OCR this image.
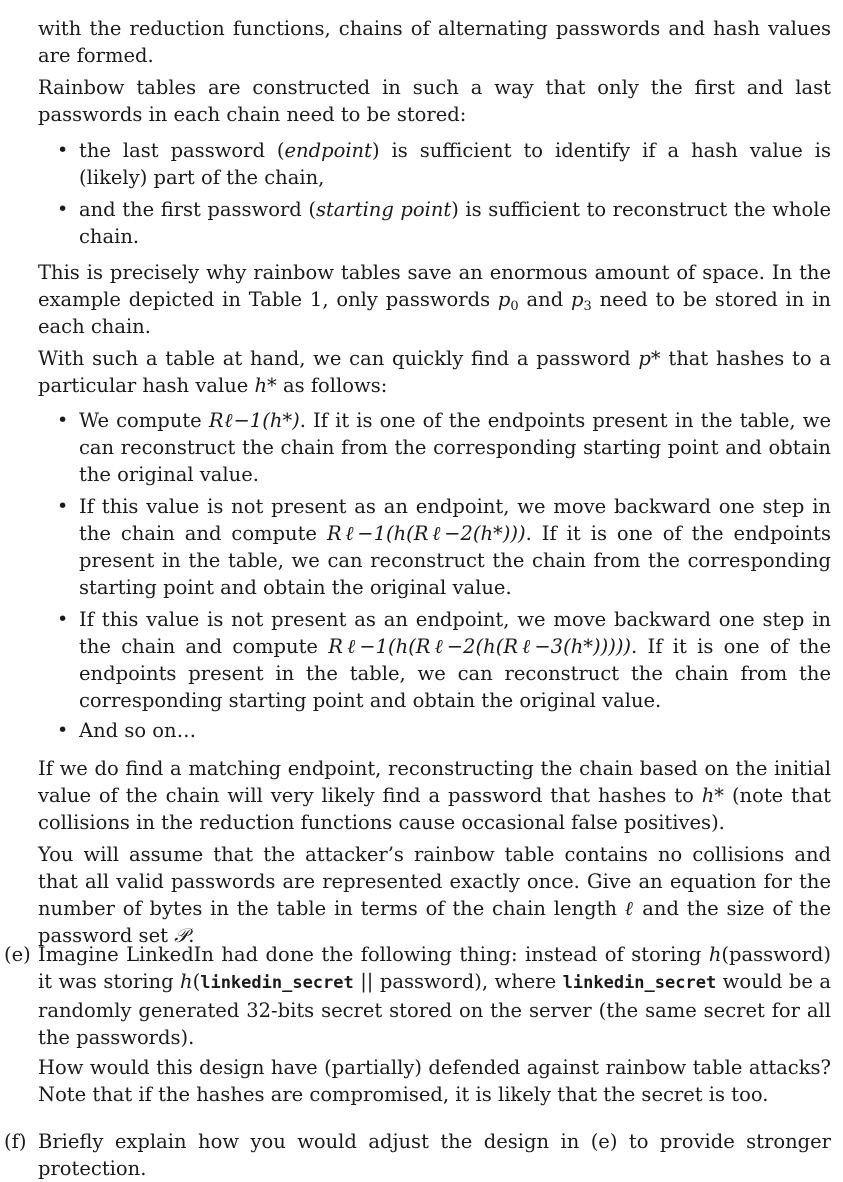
with the reduction functions, chains of alternating passwords and hash values are formed.

Rainbow tables are constructed in such a way that only the first and last passwords in each chain need to be stored:

• the last password (endpoint) is sufficient to identify if a hash value is (likely) part of the chain,

• and the first password (starting point) is sufficient to reconstruct the whole chain.

This is precisely why rainbow tables save an enormous amount of space. In the example depicted in Table 1, only passwords $p_0$ and $p_3$ need to be stored in in each chain.

With such a table at hand, we can quickly find a password p* that hashes to a particular hash value h* as follows:

• We compute Rℓ−1(h*). If it is one of the endpoints present in the table, we can reconstruct the chain from the corresponding starting point and obtain the original value.

• If this value is not present as an endpoint, we move backward one step in the chain and compute Rℓ−1(h(Rℓ−2(h*))). If it is one of the endpoints present in the table, we can reconstruct the chain from the corresponding starting point and obtain the original value.

• If this value is not present as an endpoint, we move backward one step in the chain and compute Rℓ−1(h(Rℓ−2(h(Rℓ−3(h*))))). If it is one of the endpoints present in the table, we can reconstruct the chain from the corresponding starting point and obtain the original value.

• And so on…

If we do find a matching endpoint, reconstructing the chain based on the initial value of the chain will very likely find a password that hashes to h* (note that collisions in the reduction functions cause occasional false positives).

You will assume that the attacker’s rainbow table contains no collisions and that all valid passwords are represented exactly once. Give an equation for the number of bytes in the table in terms of the chain length ℓ and the size of the password set 𝒫.

(e) Imagine LinkedIn had done the following thing: instead of storing h(password) it was storing h(linkedin_secret || password), where linkedin_secret would be a randomly generated 32-bits secret stored on the server (the same secret for all the passwords).

How would this design have (partially) defended against rainbow table attacks? Note that if the hashes are compromised, it is likely that the secret is too.

(f) Briefly explain how you would adjust the design in (e) to provide stronger protection.
